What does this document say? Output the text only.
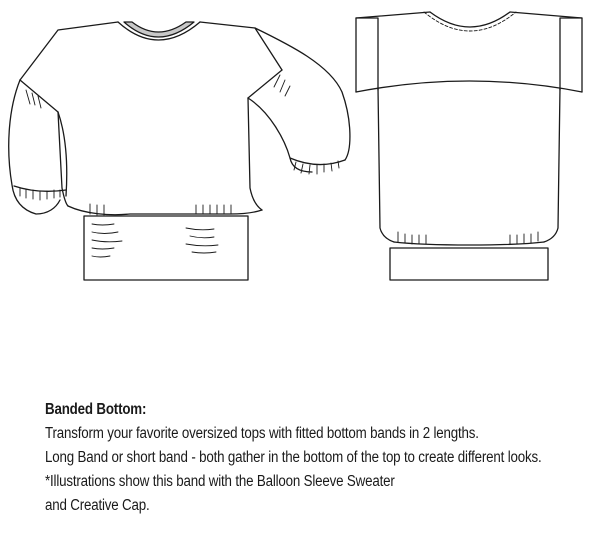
Banded Bottom:

Transform your favorite oversized tops with fitted bottom bands in 2 lengths.

Long Band or short band - both gather in the bottom of the top to create different looks.

*Illustrations show this band with the Balloon Sleeve Sweater

and Creative Cap.
